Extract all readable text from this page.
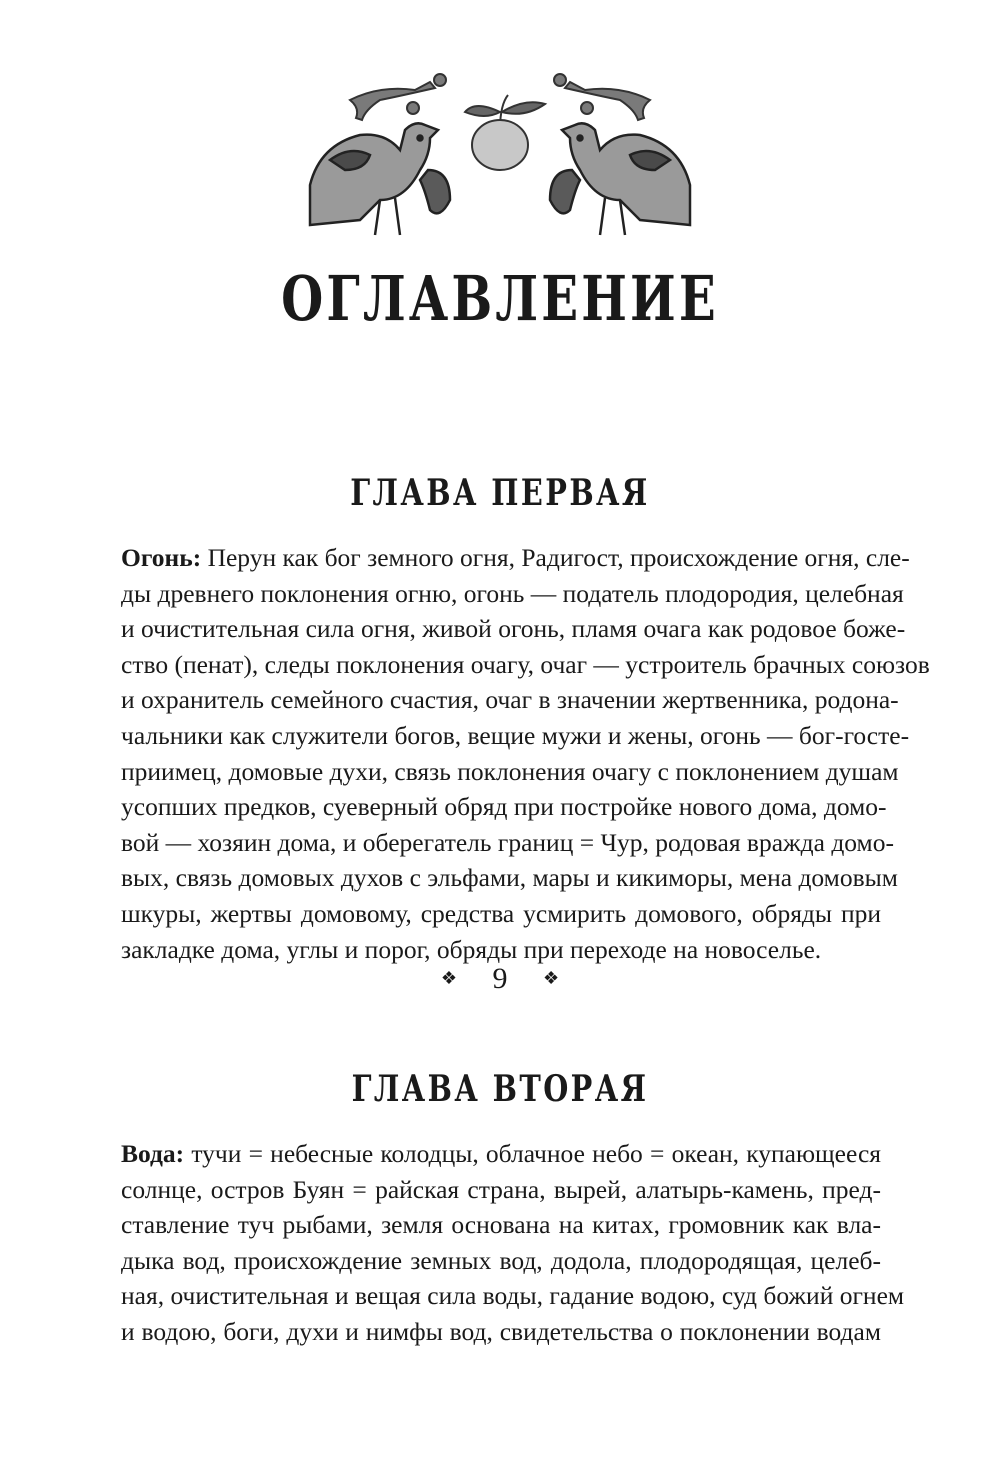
ОГЛАВЛЕНИЕ
ГЛАВА ПЕРВАЯ
Огонь: Перун как бог земного огня, Радигост, происхождение огня, сле-
ды древнего поклонения огню, огонь — податель плодородия, целебная
и очистительная сила огня, живой огонь, пламя очага как родовое боже-
ство (пенат), следы поклонения очагу, очаг — устроитель брачных союзов
и охранитель семейного счастия, очаг в значении жертвенника, родона-
чальники как служители богов, вещие мужи и жены, огонь — бог-госте-
приимец, домовые духи, связь поклонения очагу с поклонением душам
усопших предков, суеверный обряд при постройке нового дома, домо-
вой — хозяин дома, и оберегатель границ = Чур, родовая вражда домо-
вых, связь домовых духов с эльфами, мары и кикиморы, мена домовым
шкуры, жертвы домовому, средства усмирить домового, обряды при
закладке дома, углы и порог, обряды при переходе на новоселье.
❖ 9 ❖
ГЛАВА ВТОРАЯ
Вода: тучи = небесные колодцы, облачное небо = океан, купающееся
солнце, остров Буян = райская страна, вырей, алатырь-камень, пред-
ставление туч рыбами, земля основана на китах, громовник как вла-
дыка вод, происхождение земных вод, додола, плодородящая, целеб-
ная, очистительная и вещая сила воды, гадание водою, суд божий огнем
и водою, боги, духи и нимфы вод, свидетельства о поклонении водам
